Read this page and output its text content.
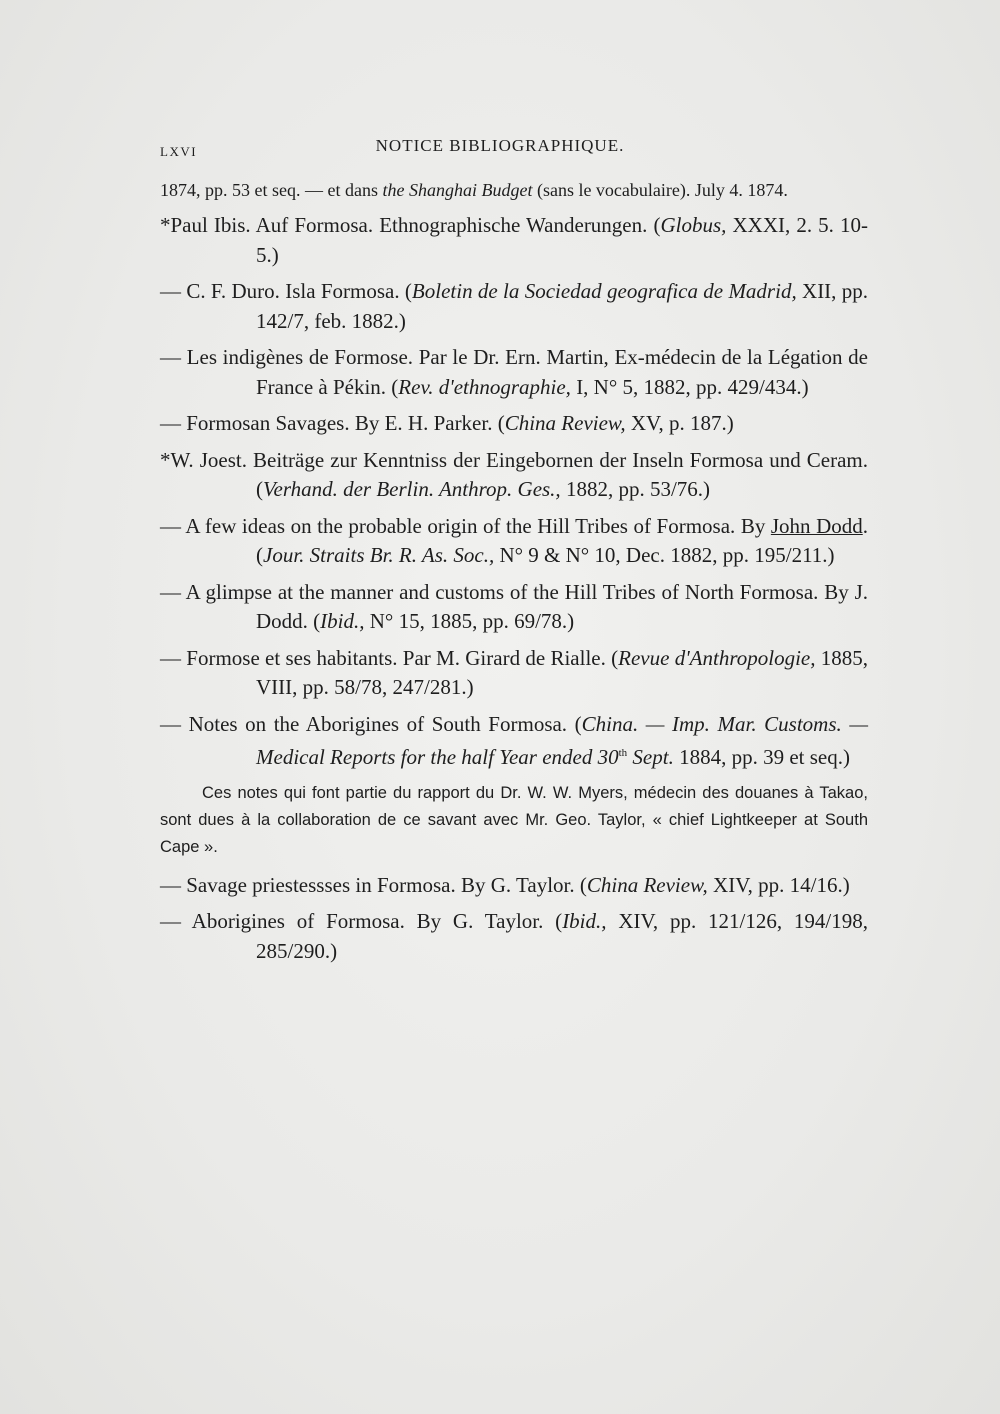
LXVI	NOTICE BIBLIOGRAPHIQUE.

1874, pp. 53 et seq. — et dans the Shanghai Budget (sans le vocabulaire). July 4. 1874.

*Paul Ibis. Auf Formosa. Ethnographische Wanderungen. (Globus, XXXI, 2. 5. 10-5.)

— C. F. Duro. Isla Formosa. (Boletin de la Sociedad geografica de Madrid, XII, pp. 142/7, feb. 1882.)

— Les indigènes de Formose. Par le Dr. Ern. Martin, Ex-médecin de la Légation de France à Pékin. (Rev. d'ethnographie, I, N° 5, 1882, pp. 429/434.)

— Formosan Savages. By E. H. Parker. (China Review, XV, p. 187.)

*W. Joest. Beiträge zur Kenntniss der Eingebornen der Inseln Formosa und Ceram. (Verhand. der Berlin. Anthrop. Ges., 1882, pp. 53/76.)

— A few ideas on the probable origin of the Hill Tribes of Formosa. By John Dodd. (Jour. Straits Br. R. As. Soc., N° 9 & N° 10, Dec. 1882, pp. 195/211.)

— A glimpse at the manner and customs of the Hill Tribes of North Formosa. By J. Dodd. (Ibid., N° 15, 1885, pp. 69/78.)

— Formose et ses habitants. Par M. Girard de Rialle. (Revue d'Anthropologie, 1885, VIII, pp. 58/78, 247/281.)

— Notes on the Aborigines of South Formosa. (China. — Imp. Mar. Customs. — Medical Reports for the half Year ended 30th Sept. 1884, pp. 39 et seq.)

Ces notes qui font partie du rapport du Dr. W. W. Myers, médecin des douanes à Takao, sont dues à la collaboration de ce savant avec Mr. Geo. Taylor, « chief Lightkeeper at South Cape ».

— Savage priestessses in Formosa. By G. Taylor. (China Review, XIV, pp. 14/16.)

— Aborigines of Formosa. By G. Taylor. (Ibid., XIV, pp. 121/126, 194/198, 285/290.)
